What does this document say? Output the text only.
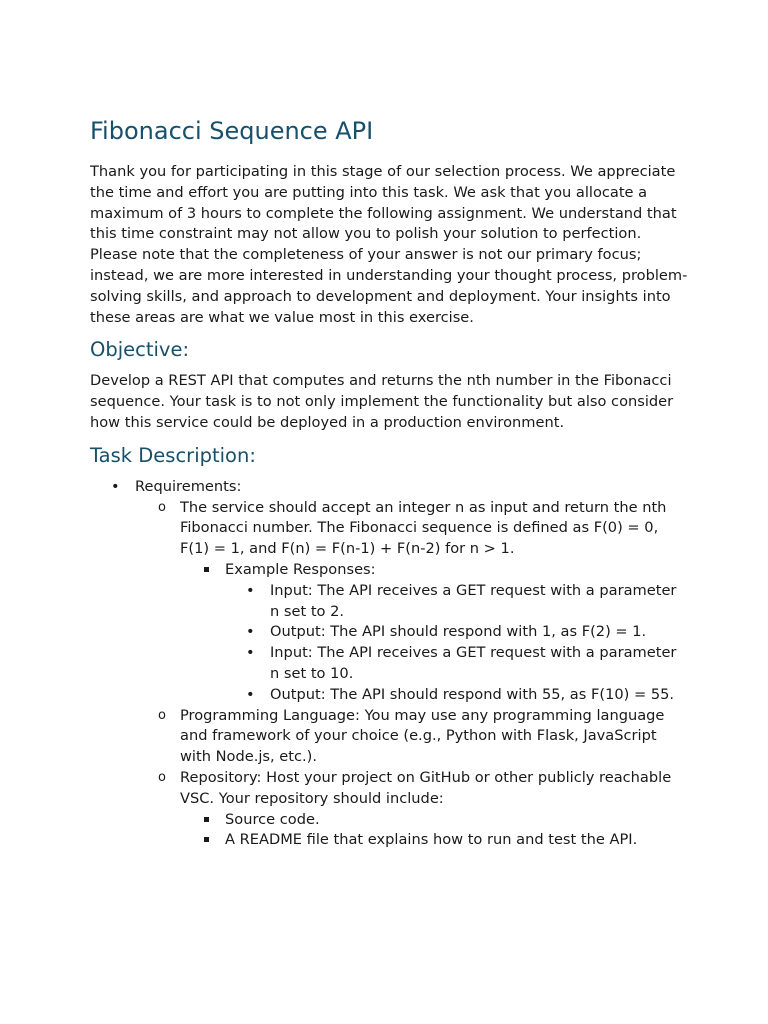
Fibonacci Sequence API

Thank you for participating in this stage of our selection process. We appreciate the time and effort you are putting into this task. We ask that you allocate a maximum of 3 hours to complete the following assignment. We understand that this time constraint may not allow you to polish your solution to perfection. Please note that the completeness of your answer is not our primary focus; instead, we are more interested in understanding your thought process, problem-solving skills, and approach to development and deployment. Your insights into these areas are what we value most in this exercise.

Objective:

Develop a REST API that computes and returns the nth number in the Fibonacci sequence. Your task is to not only implement the functionality but also consider how this service could be deployed in a production environment.

Task Description:
• Requirements:
o The service should accept an integer n as input and return the nth Fibonacci number. The Fibonacci sequence is defined as F(0) = 0, F(1) = 1, and F(n) = F(n-1) + F(n-2) for n > 1.
Example Responses:
• Input: The API receives a GET request with a parameter n set to 2.
• Output: The API should respond with 1, as F(2) = 1.
• Input: The API receives a GET request with a parameter n set to 10.
• Output: The API should respond with 55, as F(10) = 55.
o Programming Language: You may use any programming language and framework of your choice (e.g., Python with Flask, JavaScript with Node.js, etc.).
o Repository: Host your project on GitHub or other publicly reachable VSC. Your repository should include:
Source code.
A README file that explains how to run and test the API.
